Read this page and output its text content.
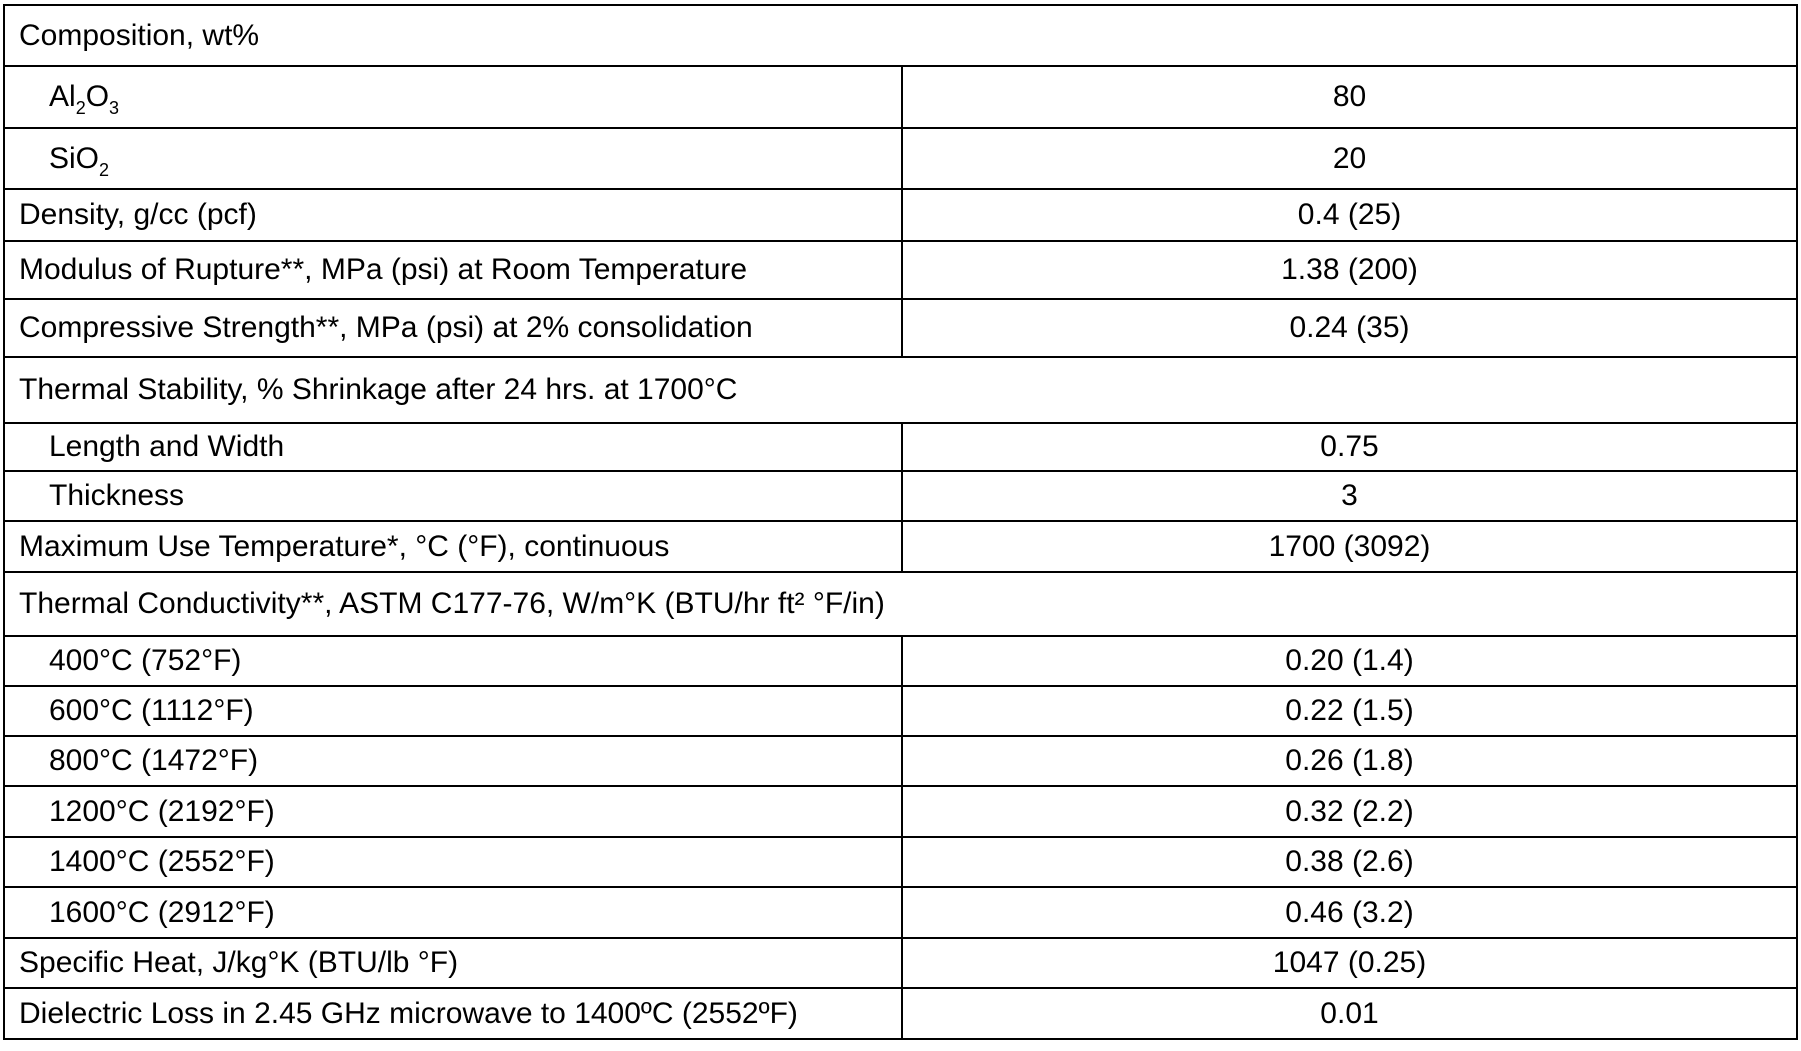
Composition, wt%	
$Al_2O_3$	80
SiO$_2$	20
Density, g/cc (pcf)	0.4 (25)
Modulus of Rupture**, MPa (psi) at Room Temperature	1.38 (200)
Compressive Strength**, MPa (psi) at 2% consolidation	0.24 (35)
Thermal Stability, % Shrinkage after 24 hrs. at 1700°C	
Length and Width	0.75
Thickness	3
Maximum Use Temperature*, °C (°F), continuous	1700 (3092)
Thermal Conductivity**, ASTM C177-76, W/m°K (BTU/hr ft² °F/in)	
400°C (752°F)	0.20 (1.4)
600°C (1112°F)	0.22 (1.5)
800°C (1472°F)	0.26 (1.8)
1200°C (2192°F)	0.32 (2.2)
1400°C (2552°F)	0.38 (2.6)
1600°C (2912°F)	0.46 (3.2)
Specific Heat, J/kg°K (BTU/lb °F)	1047 (0.25)
Dielectric Loss in 2.45 GHz microwave to 1400ºC (2552ºF)	0.01
